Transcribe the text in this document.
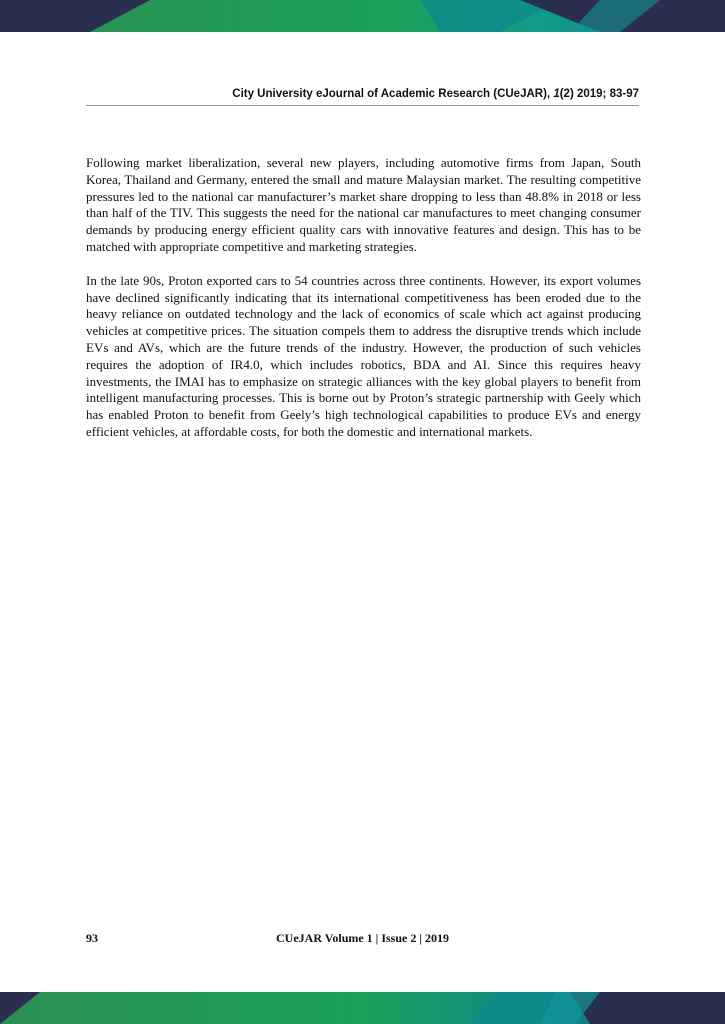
City University eJournal of Academic Research (CUeJAR), 1(2) 2019; 83-97

Following market liberalization, several new players, including automotive firms from Japan, South Korea, Thailand and Germany, entered the small and mature Malaysian market. The resulting competitive pressures led to the national car manufacturer’s market share dropping to less than 48.8% in 2018 or less than half of the TIV. This suggests the need for the national car manufactures to meet changing consumer demands by producing energy efficient quality cars with innovative features and design. This has to be matched with appropriate competitive and marketing strategies.

In the late 90s, Proton exported cars to 54 countries across three continents. However, its export volumes have declined significantly indicating that its international competitiveness has been eroded due to the heavy reliance on outdated technology and the lack of economics of scale which act against producing vehicles at competitive prices. The situation compels them to address the disruptive trends which include EVs and AVs, which are the future trends of the industry. However, the production of such vehicles requires the adoption of IR4.0, which includes robotics, BDA and AI. Since this requires heavy investments, the IMAI has to emphasize on strategic alliances with the key global players to benefit from intelligent manufacturing processes. This is borne out by Proton’s strategic partnership with Geely which has enabled Proton to benefit from Geely’s high technological capabilities to produce EVs and energy efficient vehicles, at affordable costs, for both the domestic and international markets.

93	CUeJAR Volume 1 | Issue 2 | 2019
